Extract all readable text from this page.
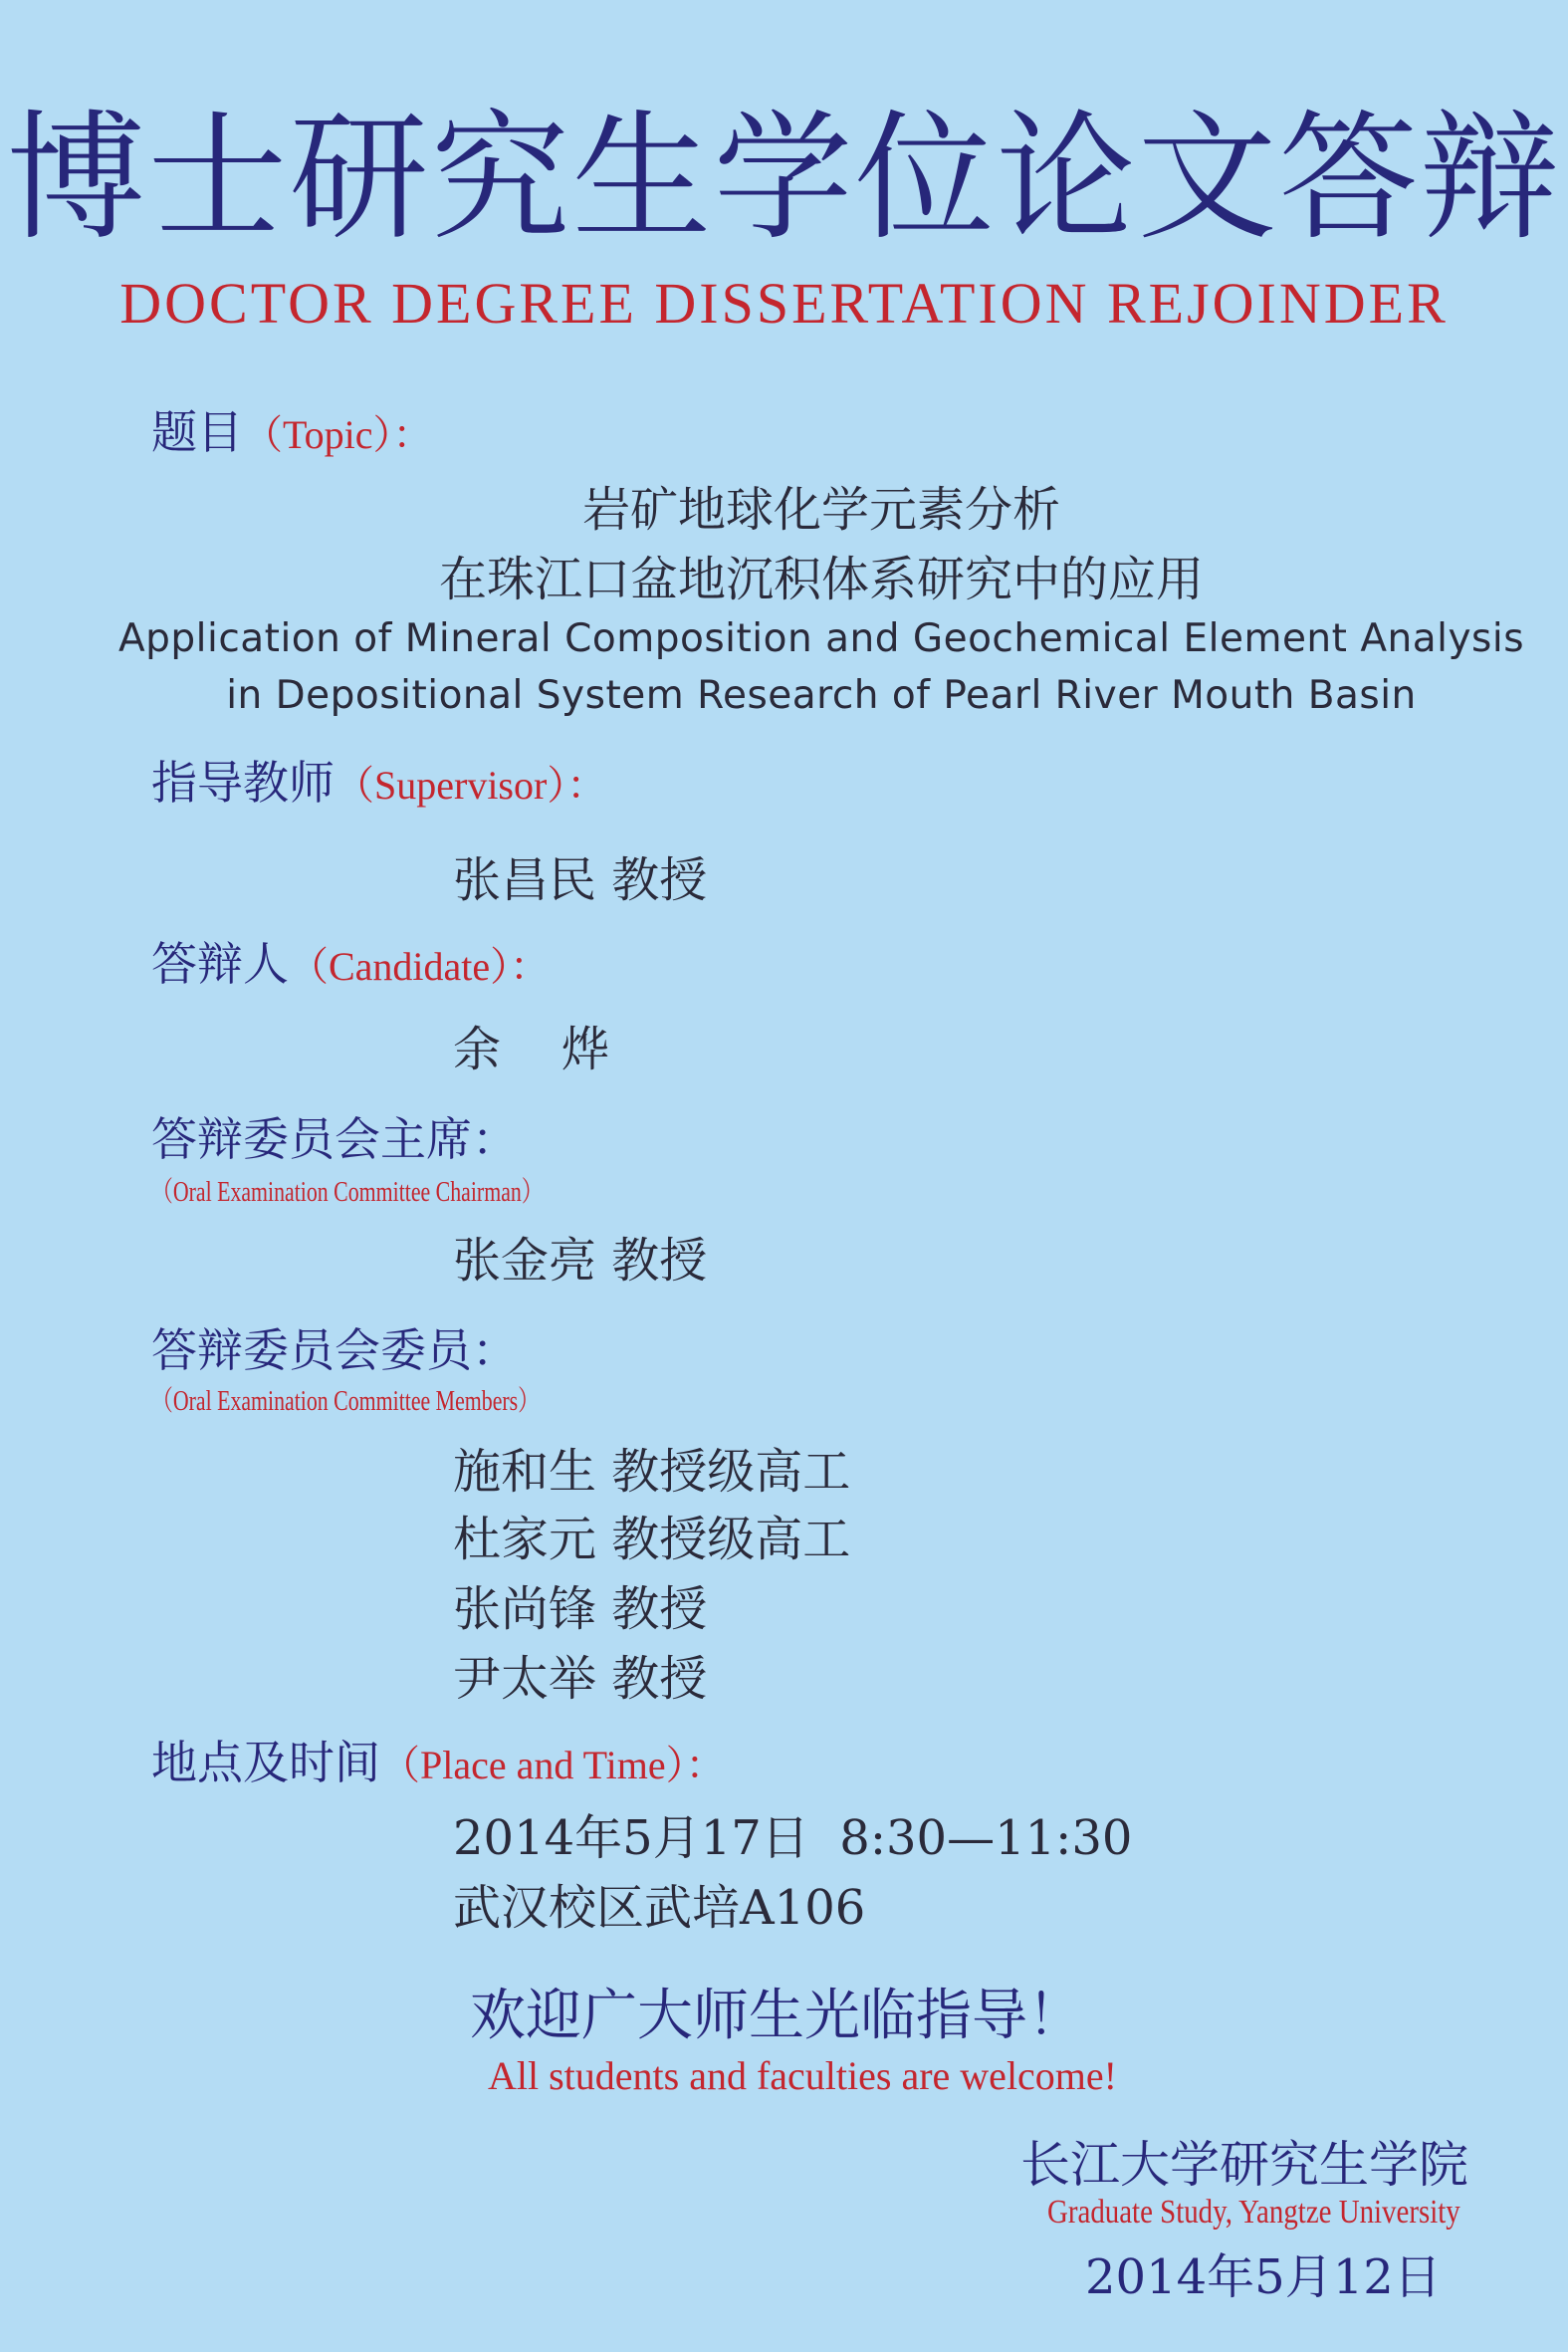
博士研究生学位论文答辩
DOCTOR DEGREE DISSERTATION REJOINDER
题目（Topic）：
岩矿地球化学元素分析
在珠江口盆地沉积体系研究中的应用
Application of Mineral Composition and Geochemical Element Analysis
in Depositional System Research of Pearl River Mouth Basin
指导教师（Supervisor）：
张昌民 教授
答辩人（Candidate）：
余    烨
答辩委员会主席：
（Oral Examination Committee Chairman）
张金亮 教授
答辩委员会委员：
（Oral Examination Committee Members）
施和生 教授级高工
杜家元 教授级高工
张尚锋 教授
尹太举 教授
地点及时间（Place and Time）：
2014年5月17日  8:30—11:30
武汉校区武培A106
欢迎广大师生光临指导！
All students and faculties are welcome!
长江大学研究生学院
Graduate Study, Yangtze University
2014年5月12日
